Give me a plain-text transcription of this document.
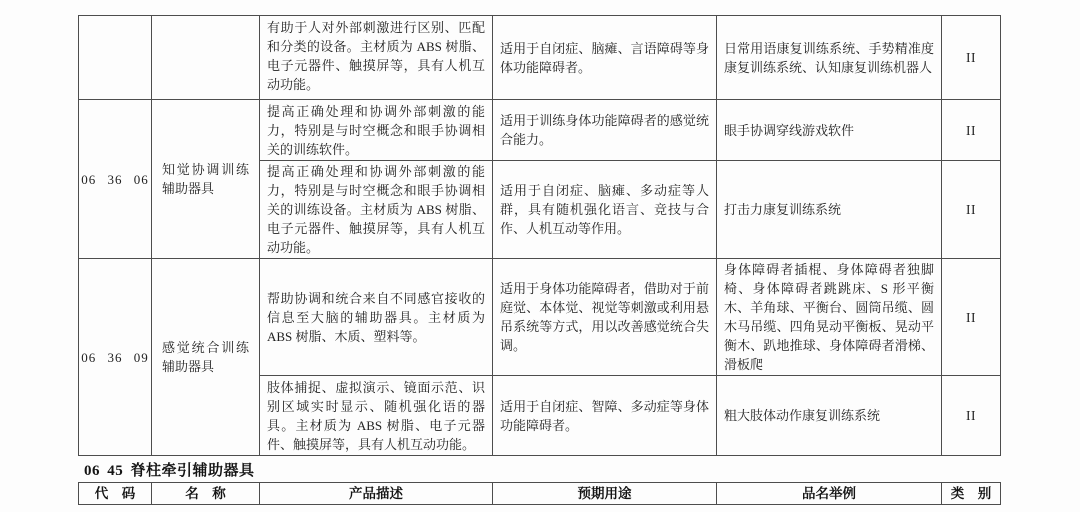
		有助于人对外部刺激进行区别、匹配和分类的设备。主材质为 ABS 树脂、电子元器件、触摸屏等，具有人机互动功能。	适用于自闭症、脑瘫、言语障碍等身体功能障碍者。	日常用语康复训练系统、手势精准度康复训练系统、认知康复训练机器人	II
06 36 06	知觉协调训练辅助器具	提高正确处理和协调外部刺激的能力，特别是与时空概念和眼手协调相关的训练软件。	适用于训练身体功能障碍者的感觉统合能力。	眼手协调穿线游戏软件	II
		提高正确处理和协调外部刺激的能力，特别是与时空概念和眼手协调相关的训练设备。主材质为 ABS 树脂、电子元器件、触摸屏等，具有人机互动功能。	适用于自闭症、脑瘫、多动症等人群，具有随机强化语言、竞技与合作、人机互动等作用。	打击力康复训练系统	II
06 36 09	感觉统合训练辅助器具	帮助协调和统合来自不同感官接收的信息至大脑的辅助器具。主材质为 ABS 树脂、木质、塑料等。	适用于身体功能障碍者，借助对于前庭觉、本体觉、视觉等刺激或利用悬吊系统等方式，用以改善感觉统合失调。	身体障碍者插棍、身体障碍者独脚椅、身体障碍者跳跳床、S 形平衡木、羊角球、平衡台、圆筒吊缆、圆木马吊缆、四角晃动平衡板、晃动平衡木、趴地推球、身体障碍者滑梯、滑板爬	II
		肢体捕捉、虚拟演示、镜面示范、识别区域实时显示、随机强化语的器具。主材质为 ABS 树脂、电子元器件、触摸屏等，具有人机互动功能。	适用于自闭症、智障、多动症等身体功能障碍者。	粗大肢体动作康复训练系统	II
06 45 脊柱牵引辅助器具
代　码	名　称	产品描述	预期用途	品名举例	类　别
